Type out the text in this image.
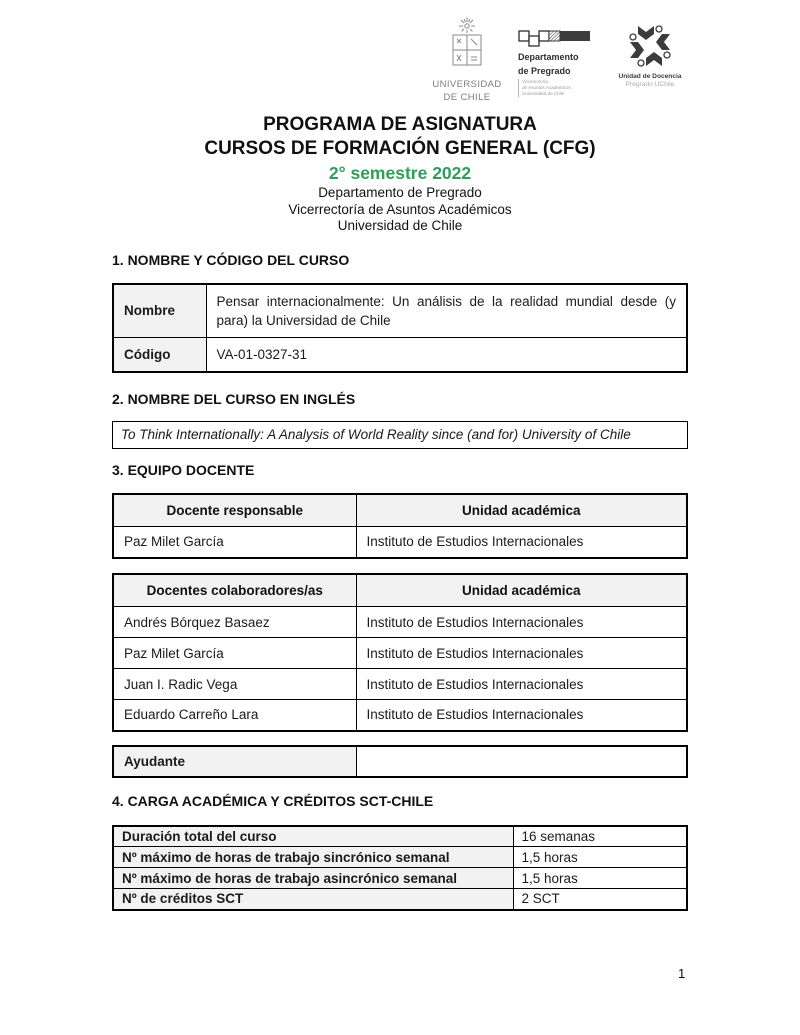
UNIVERSIDAD
DE CHILE
Departamento
de Pregrado
Vicerrectoría
de Asuntos Académicos
Universidad de Chile
Unidad de Docencia
Pregrado UChile
PROGRAMA DE ASIGNATURA
CURSOS DE FORMACIÓN GENERAL (CFG)
2° semestre 2022
Departamento de Pregrado
Vicerrectoría de Asuntos Académicos
Universidad de Chile
1. NOMBRE Y CÓDIGO DEL CURSO
Nombre	Pensar internacionalmente: Un análisis de la realidad mundial desde (y para) la Universidad de Chile
Código	VA-01-0327-31
2. NOMBRE DEL CURSO EN INGLÉS
To Think Internationally: A Analysis of World Reality since (and for) University of Chile
3. EQUIPO DOCENTE
Docente responsable	Unidad académica
Paz Milet García	Instituto de Estudios Internacionales
Docentes colaboradores/as	Unidad académica
Andrés Bórquez Basaez	Instituto de Estudios Internacionales
Paz Milet García	Instituto de Estudios Internacionales
Juan I. Radic Vega	Instituto de Estudios Internacionales
Eduardo Carreño Lara	Instituto de Estudios Internacionales
Ayudante	
4. CARGA ACADÉMICA Y CRÉDITOS SCT-CHILE
Duración total del curso	16 semanas
Nº máximo de horas de trabajo sincrónico semanal	1,5 horas
Nº máximo de horas de trabajo asincrónico semanal	1,5 horas
Nº de créditos SCT	2 SCT
1
